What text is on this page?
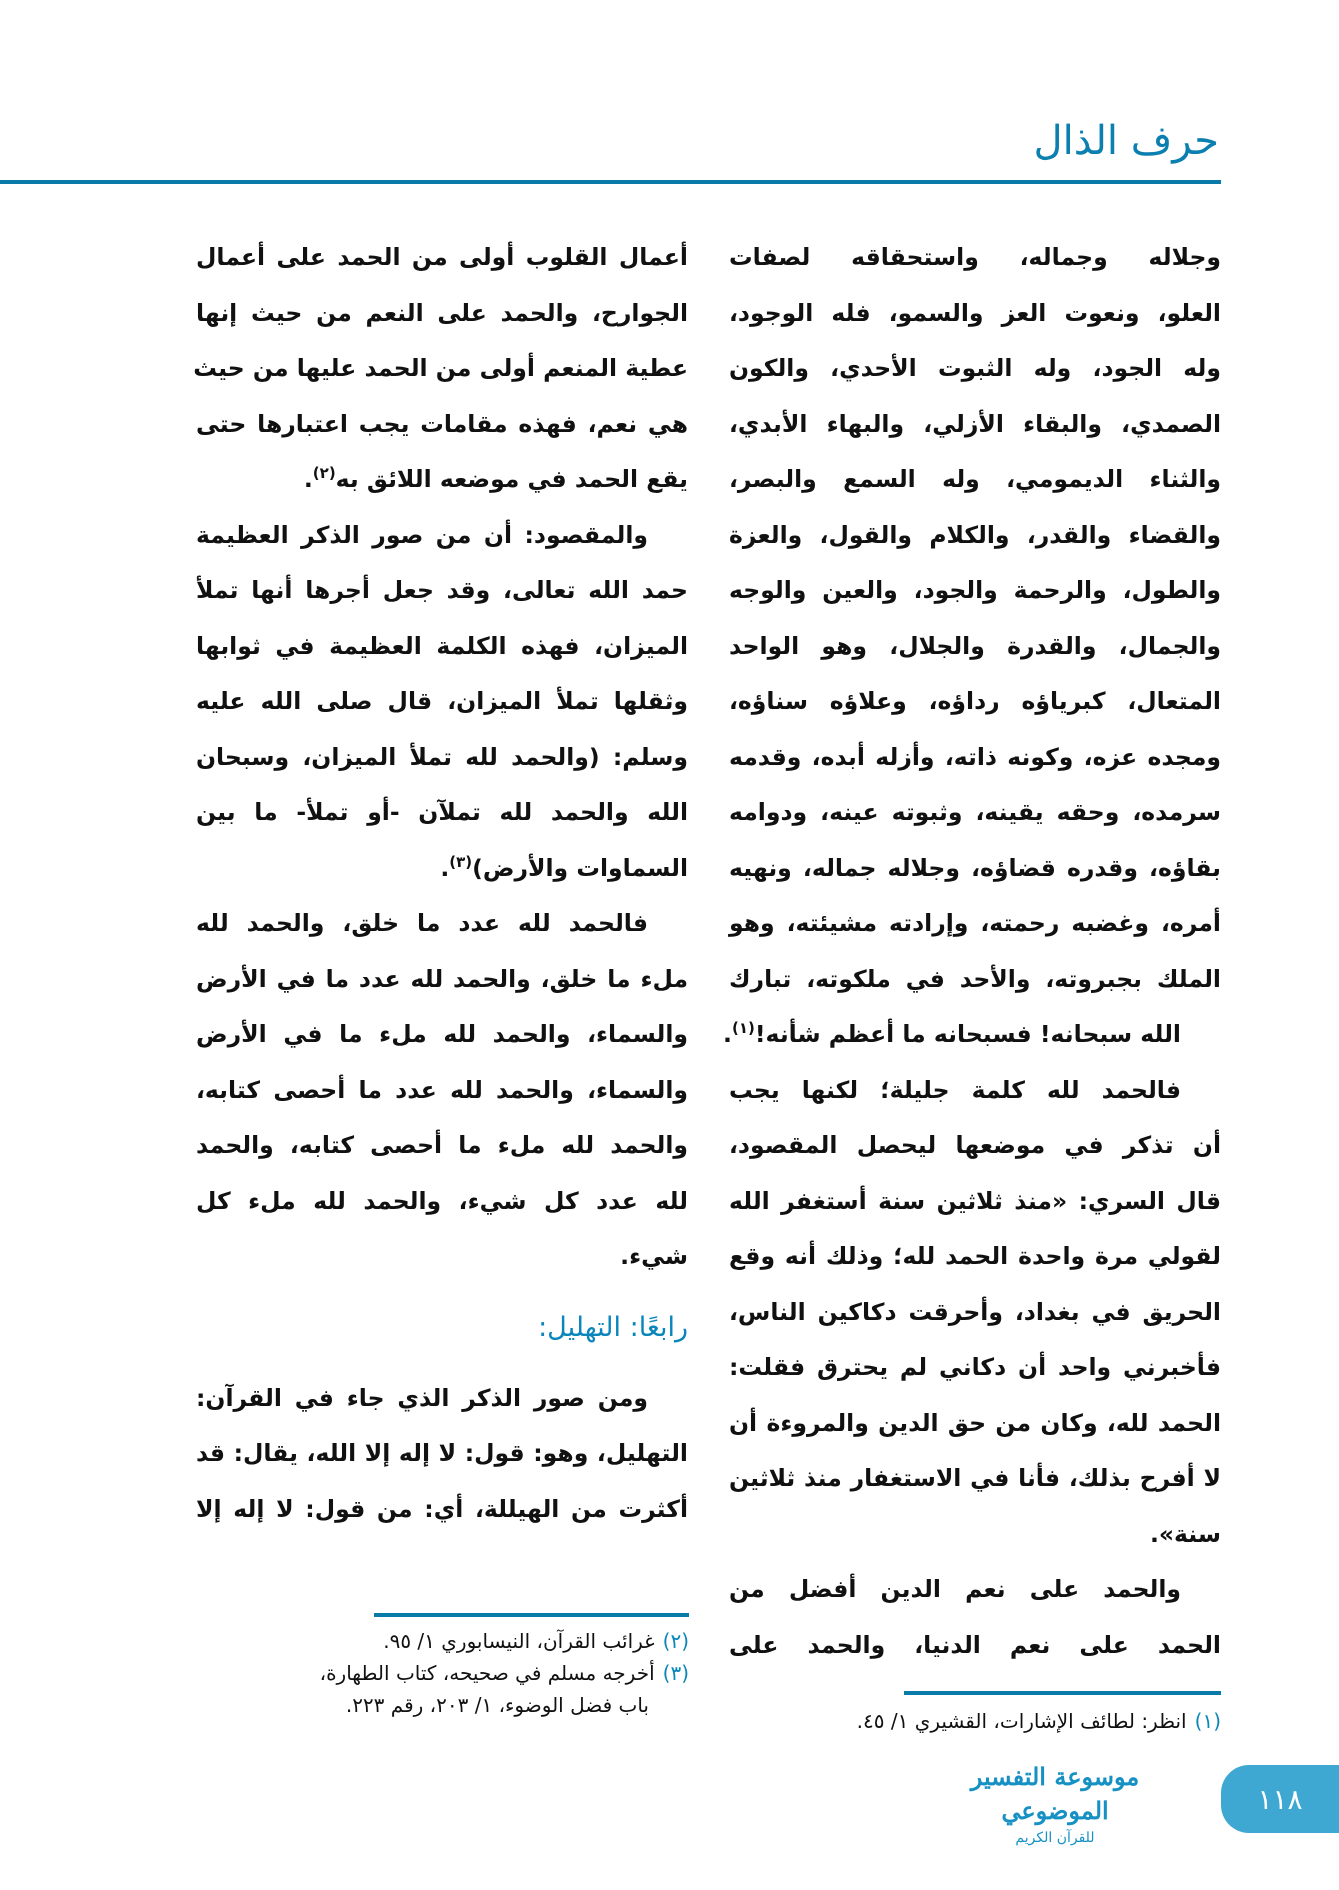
حرف الذال
وجلاله وجماله، واستحقاقه لصفات
العلو، ونعوت العز والسمو، فله الوجود،
وله الجود، وله الثبوت الأحدي، والكون
الصمدي، والبقاء الأزلي، والبهاء الأبدي،
والثناء الديمومي، وله السمع والبصر،
والقضاء والقدر، والكلام والقول، والعزة
والطول، والرحمة والجود، والعين والوجه
والجمال، والقدرة والجلال، وهو الواحد
المتعال، كبرياؤه رداؤه، وعلاؤه سناؤه،
ومجده عزه، وكونه ذاته، وأزله أبده، وقدمه
سرمده، وحقه يقينه، وثبوته عينه، ودوامه
بقاؤه، وقدره قضاؤه، وجلاله جماله، ونهيه
أمره، وغضبه رحمته، وإرادته مشيئته، وهو
الملك بجبروته، والأحد في ملكوته، تبارك
الله سبحانه! فسبحانه ما أعظم شأنه!$^{(١)}$.
فالحمد لله كلمة جليلة؛ لكنها يجب
أن تذكر في موضعها ليحصل المقصود،
قال السري: «منذ ثلاثين سنة أستغفر الله
لقولي مرة واحدة الحمد لله؛ وذلك أنه وقع
الحريق في بغداد، وأحرقت دكاكين الناس،
فأخبرني واحد أن دكاني لم يحترق فقلت:
الحمد لله، وكان من حق الدين والمروءة أن
لا أفرح بذلك، فأنا في الاستغفار منذ ثلاثين
سنة».
والحمد على نعم الدين أفضل من
الحمد على نعم الدنيا، والحمد على
أعمال القلوب أولى من الحمد على أعمال
الجوارح، والحمد على النعم من حيث إنها
عطية المنعم أولى من الحمد عليها من حيث
هي نعم، فهذه مقامات يجب اعتبارها حتى
يقع الحمد في موضعه اللائق به$^{(٢)}$.
والمقصود: أن من صور الذكر العظيمة
حمد الله تعالى، وقد جعل أجرها أنها تملأ
الميزان، فهذه الكلمة العظيمة في ثوابها
وثقلها تملأ الميزان، قال صلى الله عليه
وسلم: (والحمد لله تملأ الميزان، وسبحان
الله والحمد لله تملآن -أو تملأ- ما بين
السماوات والأرض)$^{(٣)}$.
فالحمد لله عدد ما خلق، والحمد لله
ملء ما خلق، والحمد لله عدد ما في الأرض
والسماء، والحمد لله ملء ما في الأرض
والسماء، والحمد لله عدد ما أحصى كتابه،
والحمد لله ملء ما أحصى كتابه، والحمد
لله عدد كل شيء، والحمد لله ملء كل
شيء.
رابعًا: التهليل:
ومن صور الذكر الذي جاء في القرآن:
التهليل، وهو: قول: لا إله إلا الله، يقال: قد
أكثرت من الهيللة، أي: من قول: لا إله إلا
(٢)غرائب القرآن، النيسابوري ١/ ٩٥.
(٣)أخرجه مسلم في صحيحه، كتاب الطهارة،
باب فضل الوضوء، ١/ ٢٠٣، رقم ٢٢٣.
(١)انظر: لطائف الإشارات، القشيري ١/ ٤٥.
موسوعة التفسير الموضوعي
للقرآن الكريم
١١٨
